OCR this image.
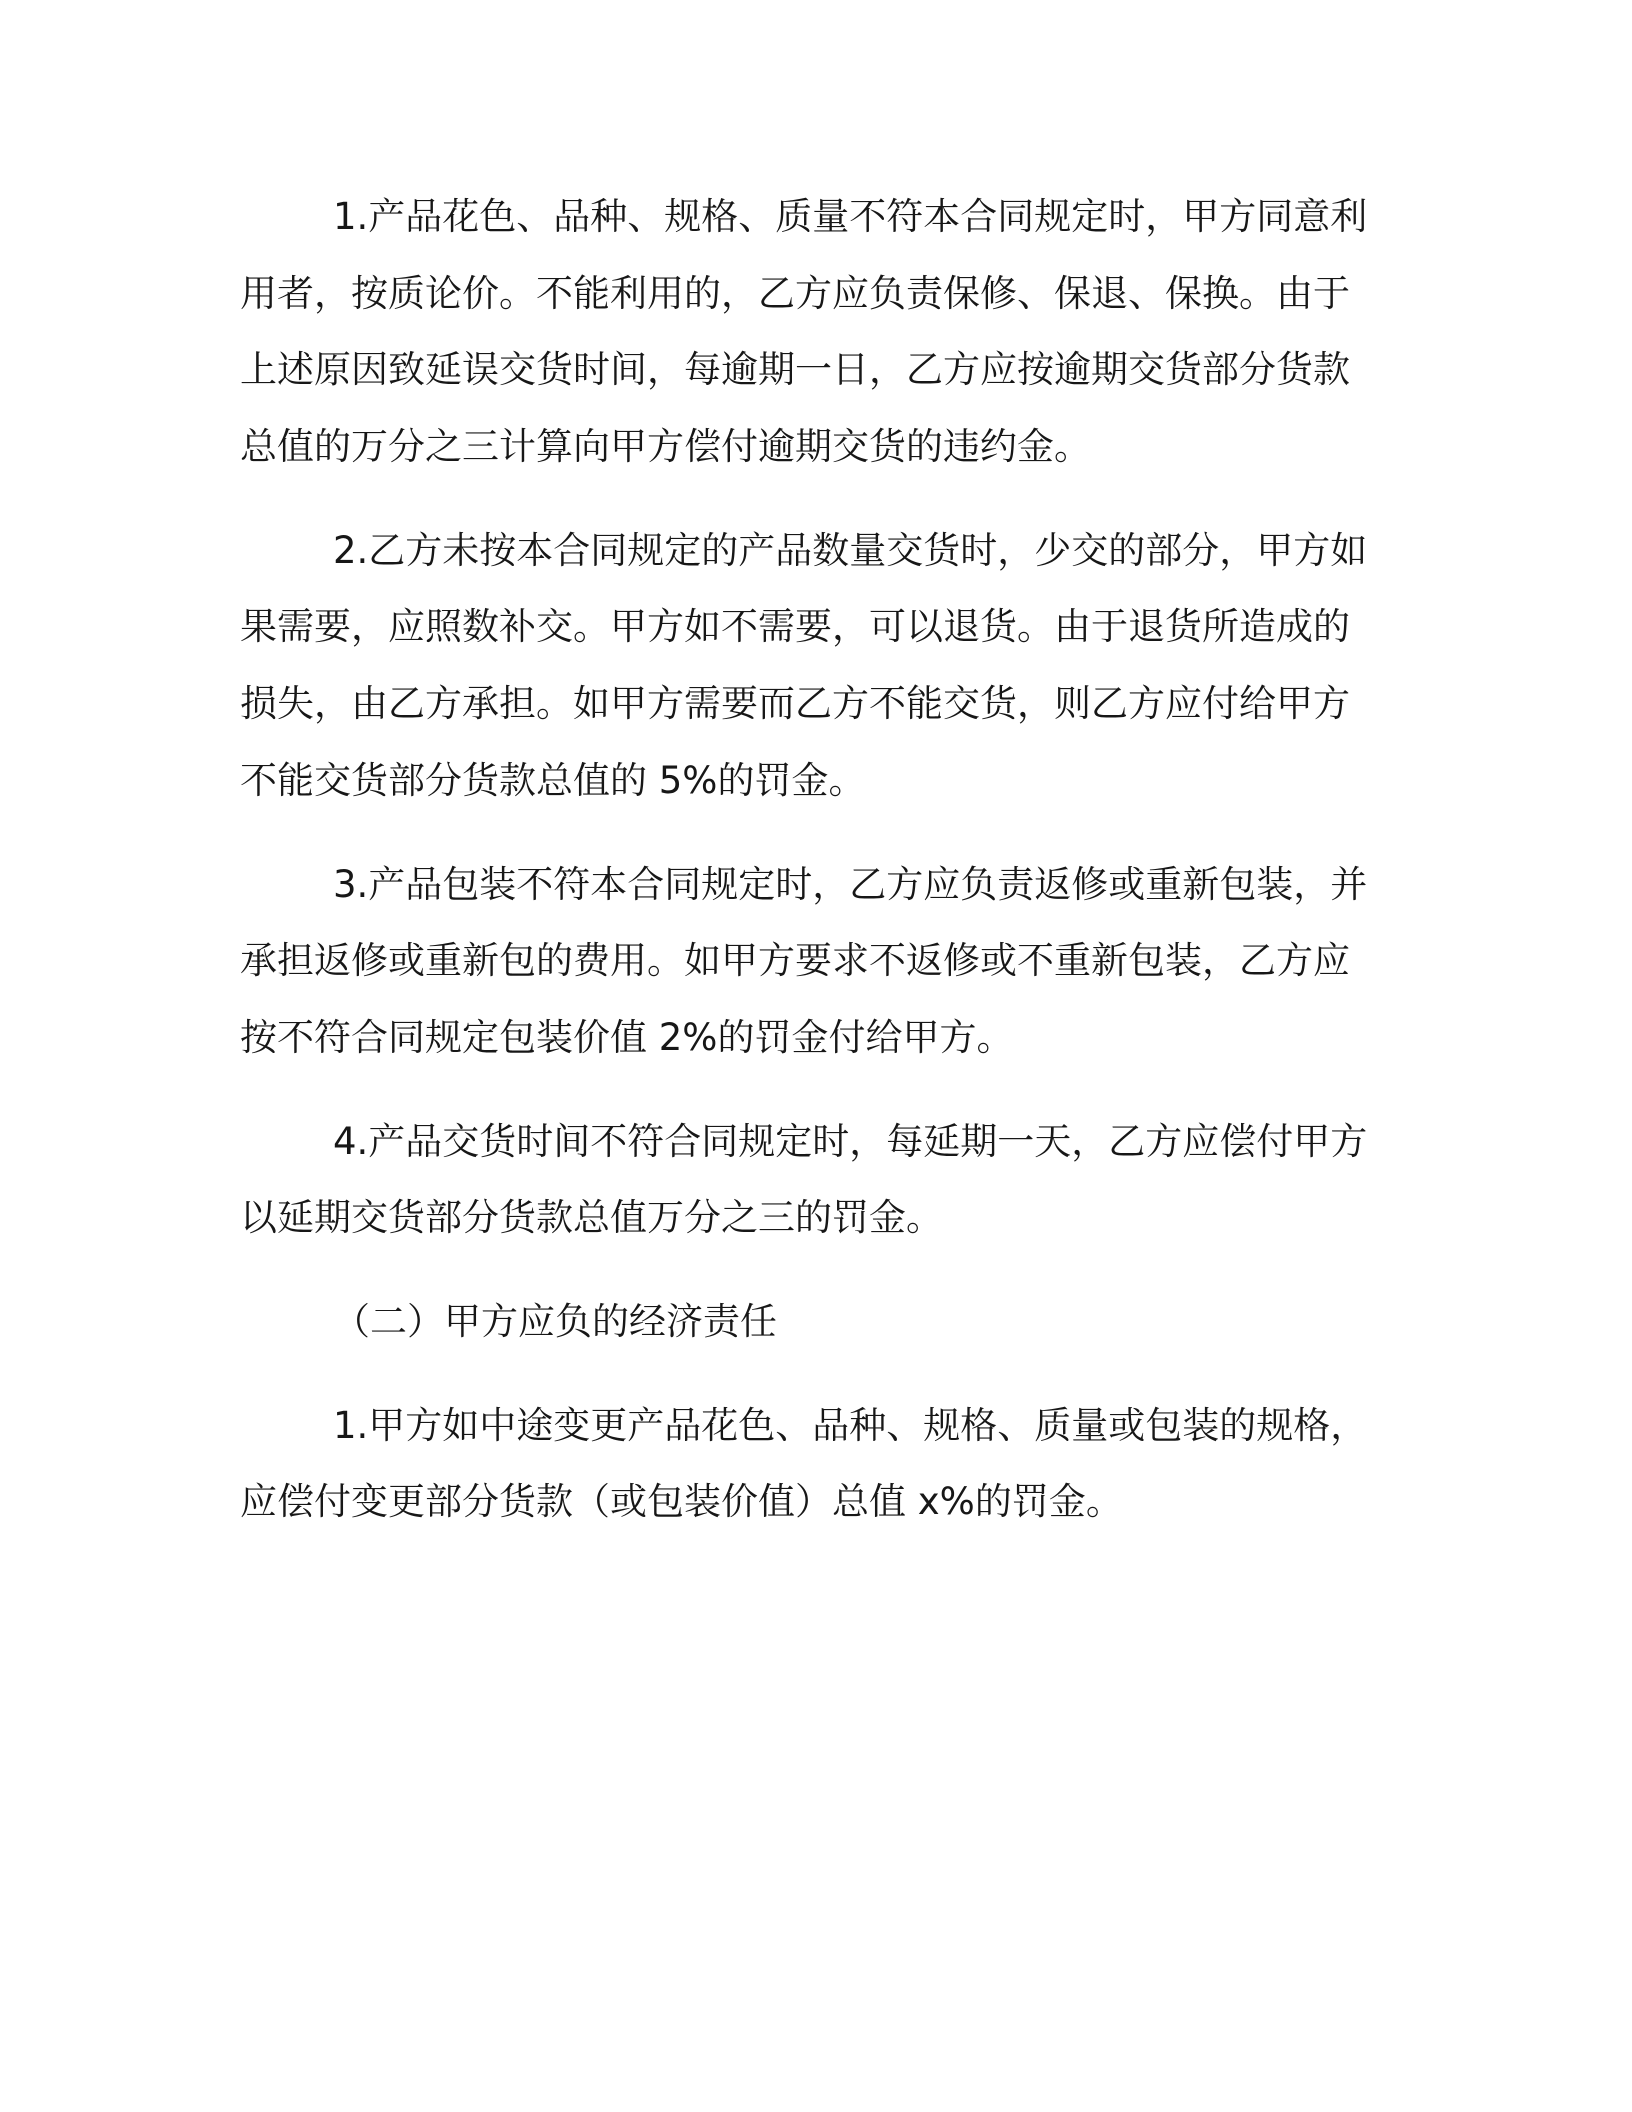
1.产品花色、品种、规格、质量不符本合同规定时，甲方同意利
用者，按质论价。不能利用的，乙方应负责保修、保退、保换。由于
上述原因致延误交货时间，每逾期一日，乙方应按逾期交货部分货款
总值的万分之三计算向甲方偿付逾期交货的违约金。
2.乙方未按本合同规定的产品数量交货时，少交的部分，甲方如
果需要，应照数补交。甲方如不需要，可以退货。由于退货所造成的
损失，由乙方承担。如甲方需要而乙方不能交货，则乙方应付给甲方
不能交货部分货款总值的 5%的罚金。
3.产品包装不符本合同规定时，乙方应负责返修或重新包装，并
承担返修或重新包的费用。如甲方要求不返修或不重新包装，乙方应
按不符合同规定包装价值 2%的罚金付给甲方。
4.产品交货时间不符合同规定时，每延期一天，乙方应偿付甲方
以延期交货部分货款总值万分之三的罚金。
（二）甲方应负的经济责任
1.甲方如中途变更产品花色、品种、规格、质量或包装的规格，
应偿付变更部分货款（或包装价值）总值 x%的罚金。
